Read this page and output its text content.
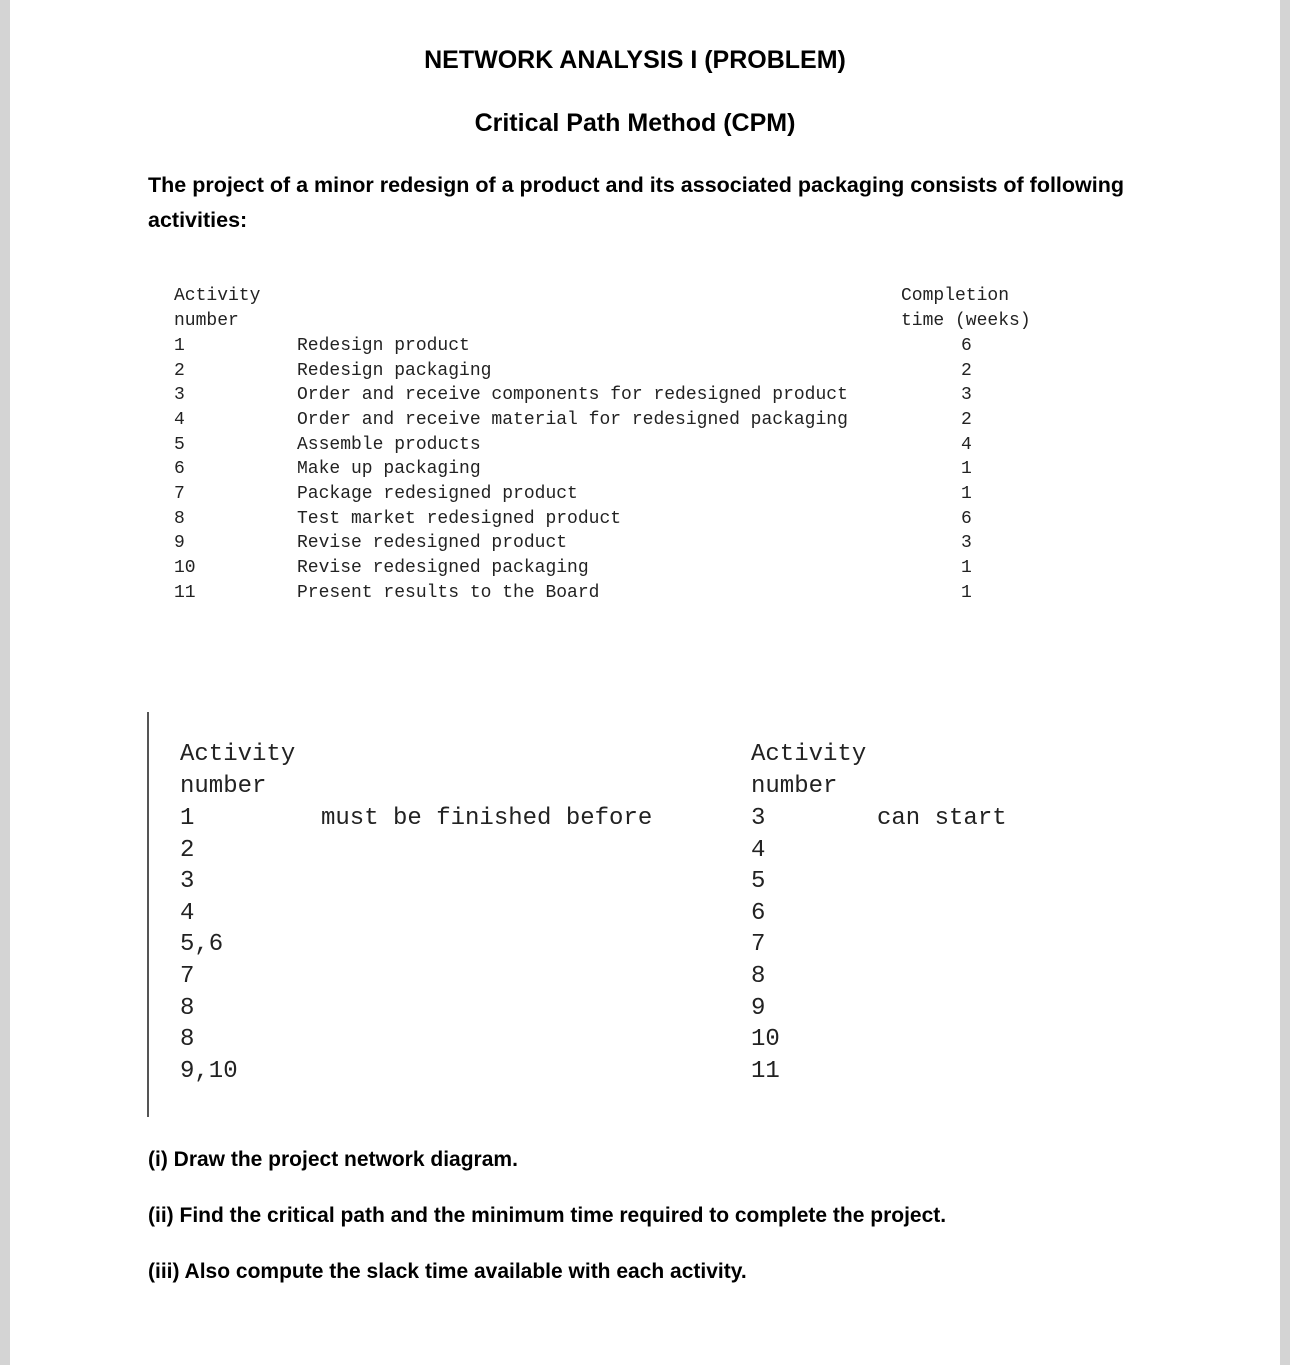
NETWORK ANALYSIS I (PROBLEM)
Critical Path Method (CPM)
The project of a minor redesign of a product and its associated packaging consists of following activities:
Activity
number
Completion
time (weeks)
1	Redesign product	6
2	Redesign packaging	2
3	Order and receive components for redesigned product	3
4	Order and receive material for redesigned packaging	2
5	Assemble products	4
6	Make up packaging	1
7	Package redesigned product	1
8	Test market redesigned product	6
9	Revise redesigned product	3
10	Revise redesigned packaging	1
11	Present results to the Board	1
Activity
number
Activity
number
must be finished before	can start
1	3
2	4
3	5
4	6
5,6	7
7	8
8	9
8	10
9,10	11
(i) Draw the project network diagram.
(ii) Find the critical path and the minimum time required to complete the project.
(iii) Also compute the slack time available with each activity.
